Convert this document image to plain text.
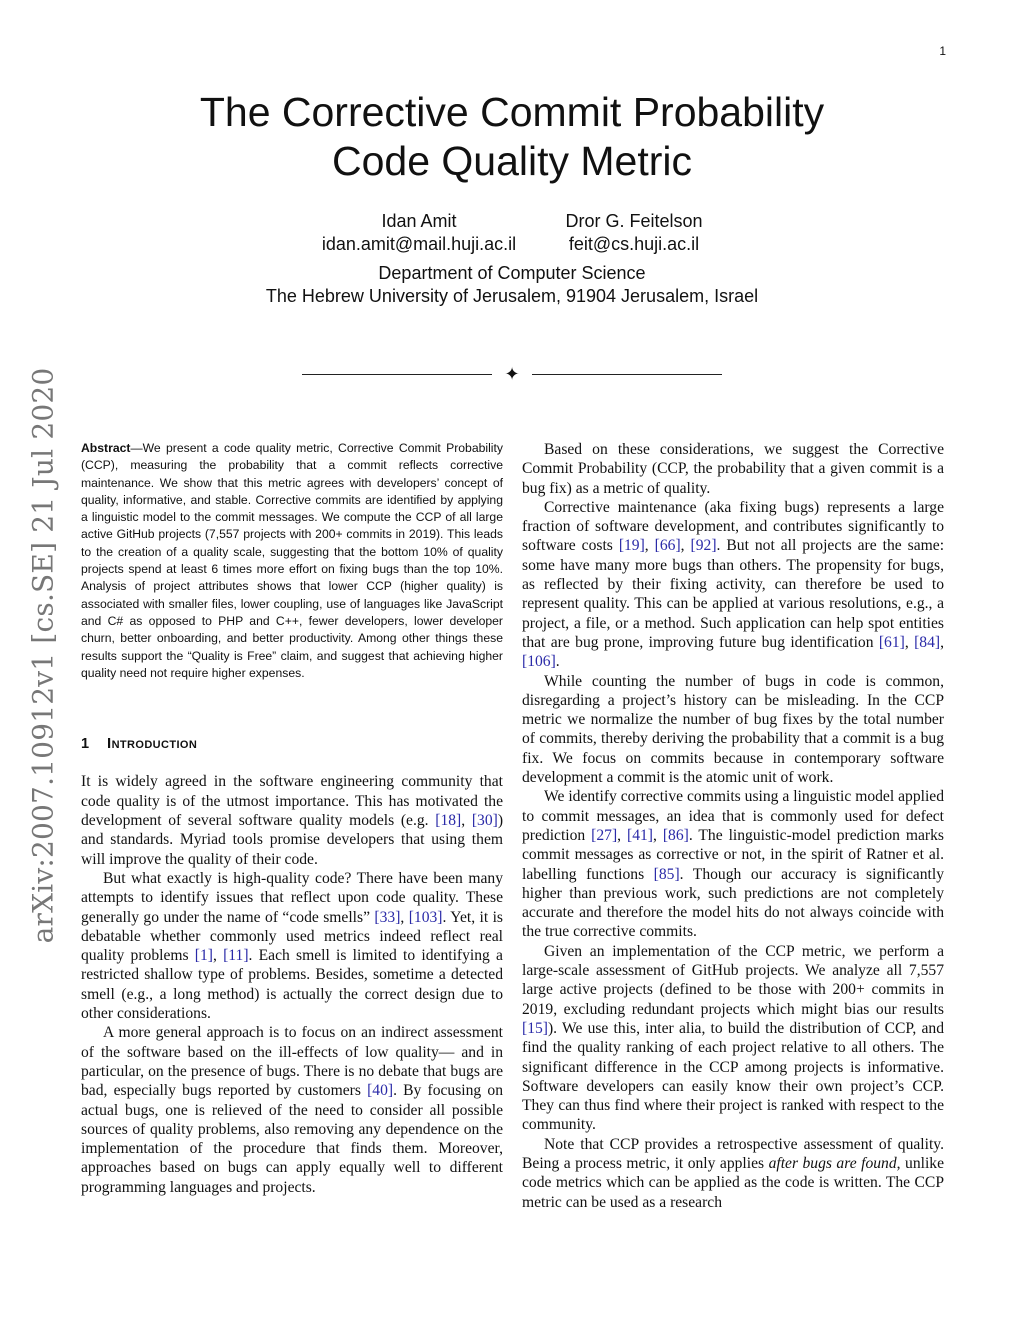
1
arXiv:2007.10912v1 [cs.SE] 21 Jul 2020
The Corrective Commit Probability
Code Quality Metric
Idan Amit
idan.amit@mail.huji.ac.il
Dror G. Feitelson
feit@cs.huji.ac.il
Department of Computer Science
The Hebrew University of Jerusalem, 91904 Jerusalem, Israel
✦

Abstract—We present a code quality metric, Corrective Commit Probability (CCP), measuring the probability that a commit reflects corrective maintenance. We show that this metric agrees with developers’ concept of quality, informative, and stable. Corrective commits are identified by applying a linguistic model to the commit messages. We compute the CCP of all large active GitHub projects (7,557 projects with 200+ commits in 2019). This leads to the creation of a quality scale, suggesting that the bottom 10% of quality projects spend at least 6 times more effort on fixing bugs than the top 10%. Analysis of project attributes shows that lower CCP (higher quality) is associated with smaller files, lower coupling, use of languages like JavaScript and C# as opposed to PHP and C++, fewer developers, lower developer churn, better onboarding, and better productivity. Among other things these results support the “Quality is Free” claim, and suggest that achieving higher quality need not require higher expenses.

1 Introduction

It is widely agreed in the software engineering community that code quality is of the utmost importance. This has motivated the development of several software quality models (e.g. [18], [30]) and standards. Myriad tools promise developers that using them will improve the quality of their code.

But what exactly is high-quality code? There have been many attempts to identify issues that reflect upon code quality. These generally go under the name of “code smells” [33], [103]. Yet, it is debatable whether commonly used metrics indeed reflect real quality problems [1], [11]. Each smell is limited to identifying a restricted shallow type of problems. Besides, sometime a detected smell (e.g., a long method) is actually the correct design due to other considerations.

A more general approach is to focus on an indirect assessment of the software based on the ill-effects of low quality— and in particular, on the presence of bugs. There is no debate that bugs are bad, especially bugs reported by customers [40]. By focusing on actual bugs, one is relieved of the need to consider all possible sources of quality problems, also removing any dependence on the implementation of the procedure that finds them. Moreover, approaches based on bugs can apply equally well to different programming languages and projects.

Based on these considerations, we suggest the Corrective Commit Probability (CCP, the probability that a given commit is a bug fix) as a metric of quality.

Corrective maintenance (aka fixing bugs) represents a large fraction of software development, and contributes significantly to software costs [19], [66], [92]. But not all projects are the same: some have many more bugs than others. The propensity for bugs, as reflected by their fixing activity, can therefore be used to represent quality. This can be applied at various resolutions, e.g., a project, a file, or a method. Such application can help spot entities that are bug prone, improving future bug identification [61], [84], [106].

While counting the number of bugs in code is common, disregarding a project’s history can be misleading. In the CCP metric we normalize the number of bug fixes by the total number of commits, thereby deriving the probability that a commit is a bug fix. We focus on commits because in contemporary software development a commit is the atomic unit of work.

We identify corrective commits using a linguistic model applied to commit messages, an idea that is commonly used for defect prediction [27], [41], [86]. The linguistic-model prediction marks commit messages as corrective or not, in the spirit of Ratner et al. labelling functions [85]. Though our accuracy is significantly higher than previous work, such predictions are not completely accurate and therefore the model hits do not always coincide with the true corrective commits.

Given an implementation of the CCP metric, we perform a large-scale assessment of GitHub projects. We analyze all 7,557 large active projects (defined to be those with 200+ commits in 2019, excluding redundant projects which might bias our results [15]). We use this, inter alia, to build the distribution of CCP, and find the quality ranking of each project relative to all others. The significant difference in the CCP among projects is informative. Software developers can easily know their own project’s CCP. They can thus find where their project is ranked with respect to the community.

Note that CCP provides a retrospective assessment of quality. Being a process metric, it only applies after bugs are found, unlike code metrics which can be applied as the code is written. The CCP metric can be used as a research
